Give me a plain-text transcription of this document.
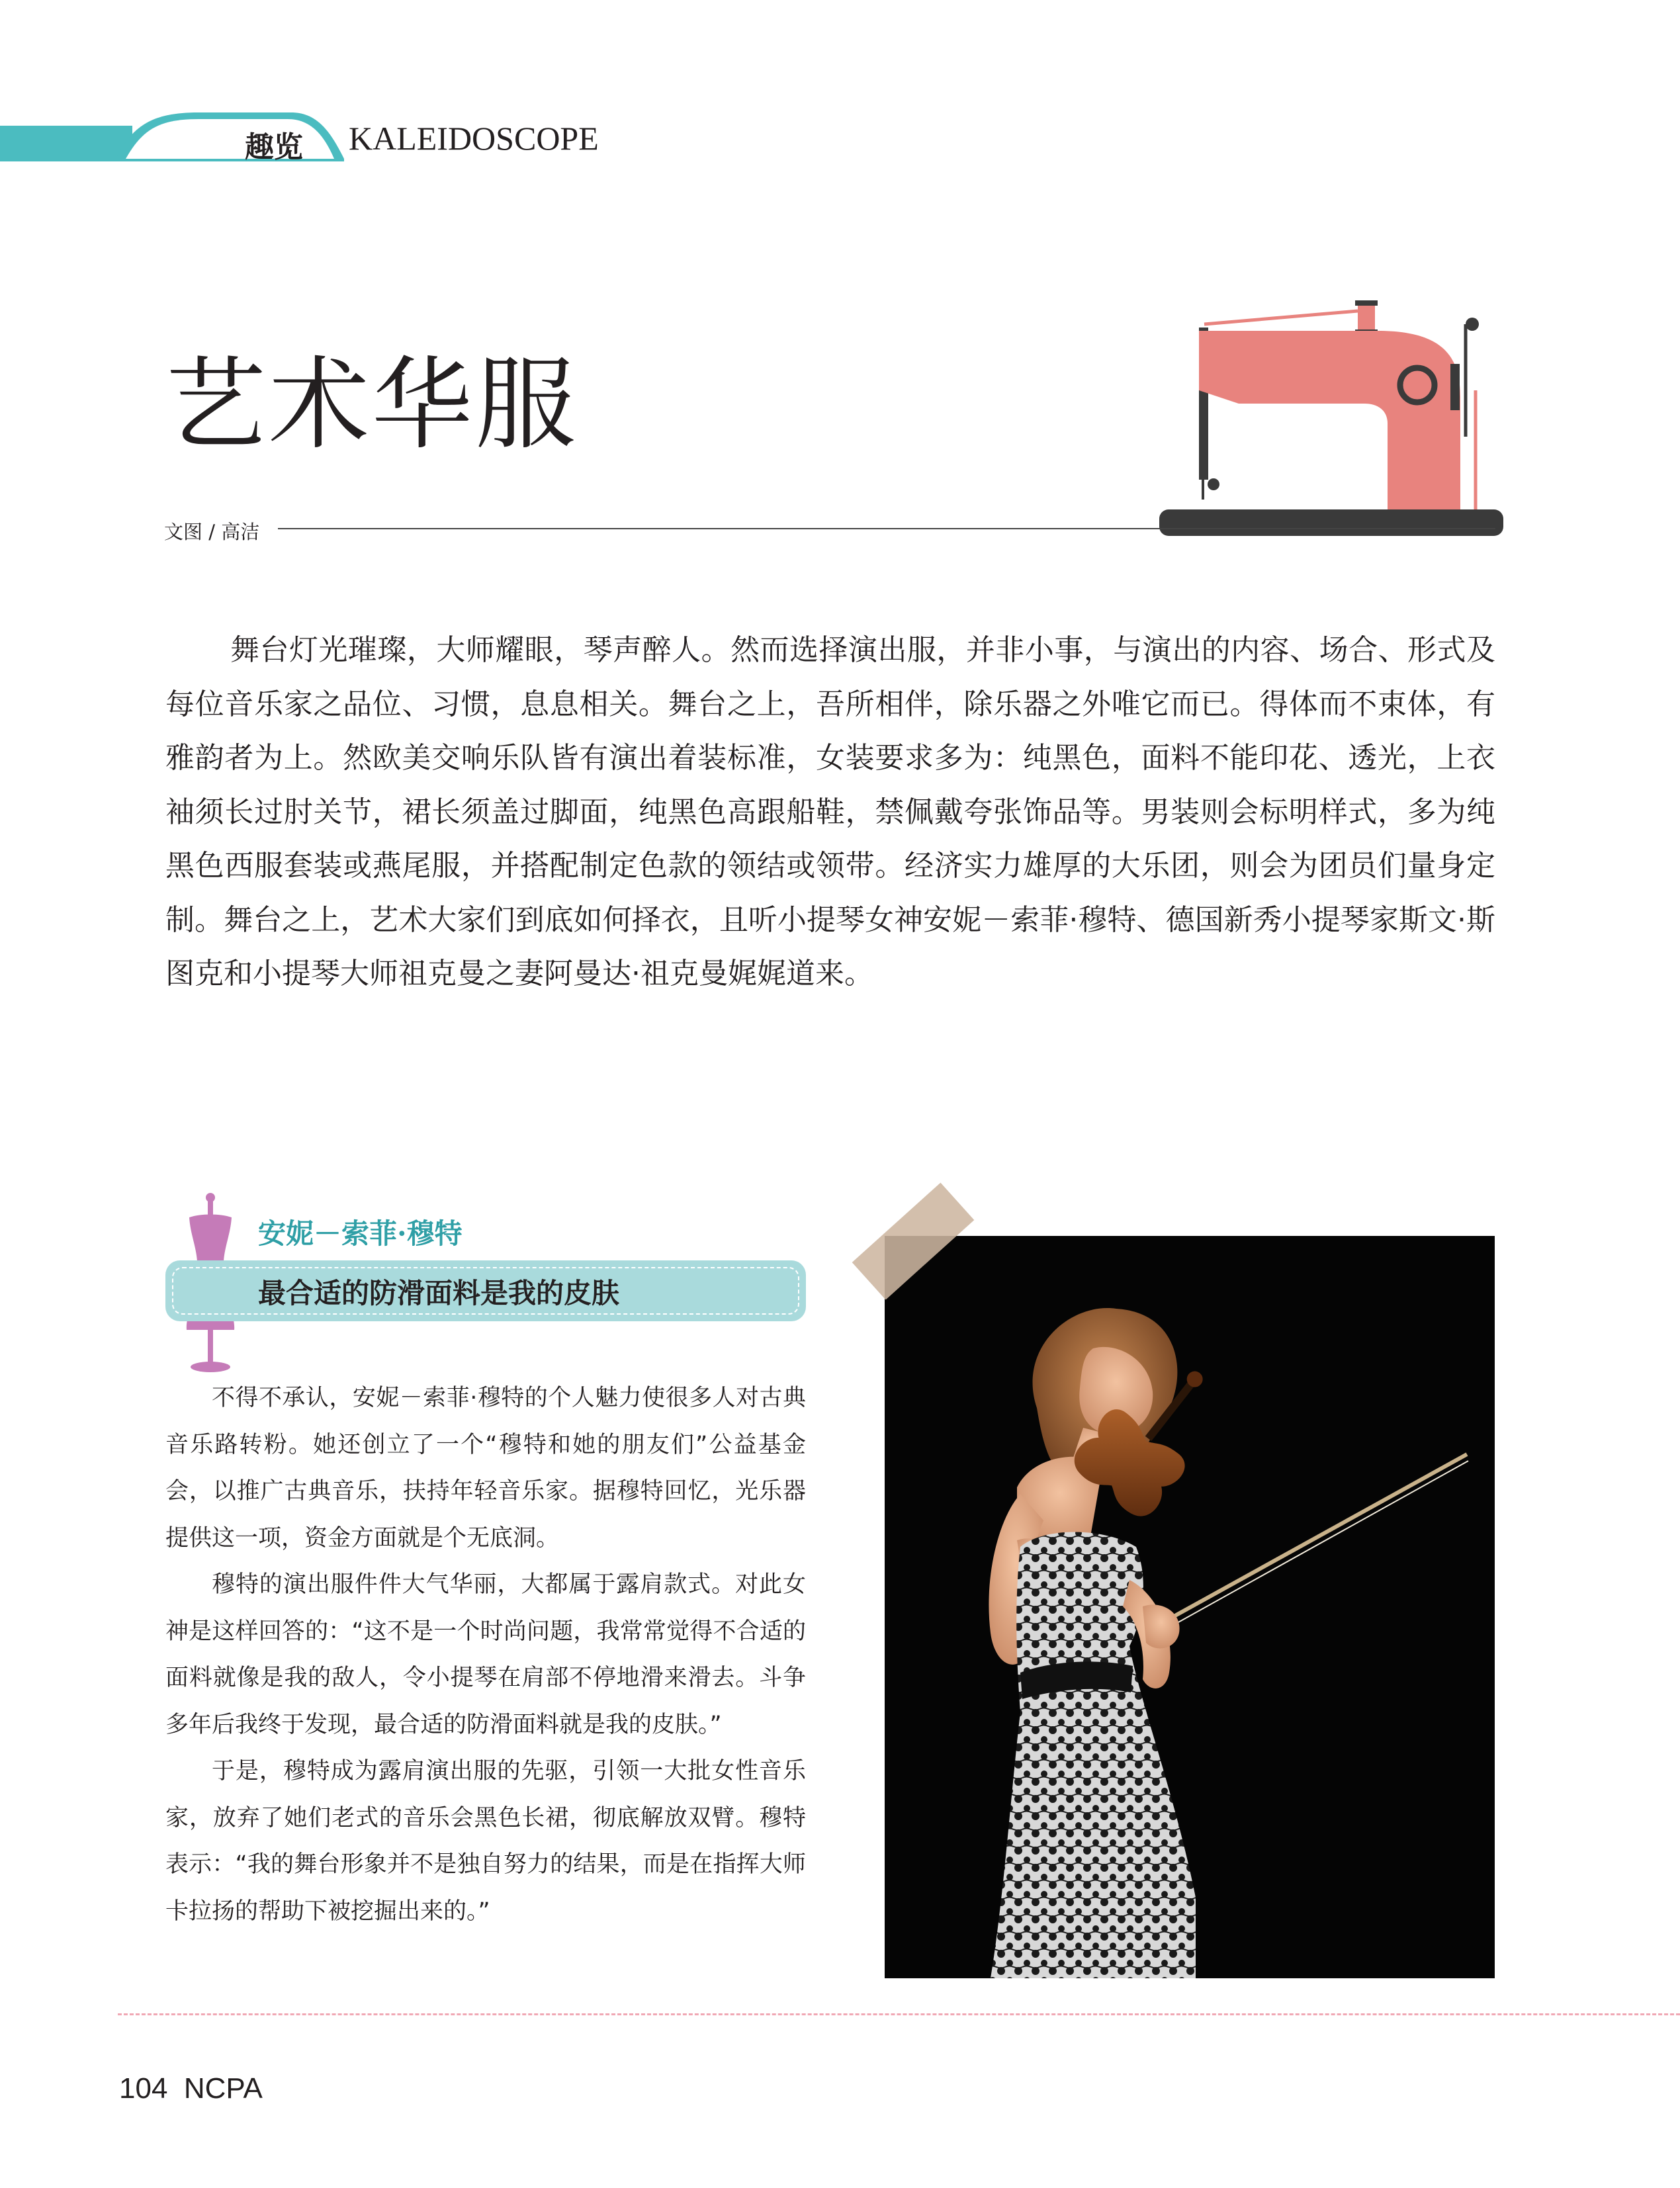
趣览 KALEIDOSCOPE
艺术华服
文图 / 高洁

舞台灯光璀璨，大师耀眼，琴声醉人。然而选择演出服，并非小事，与演出的内容、场合、形式及每位音乐家之品位、习惯，息息相关。舞台之上，吾所相伴，除乐器之外唯它而已。得体而不束体，有雅韵者为上。然欧美交响乐队皆有演出着装标准，女装要求多为：纯黑色，面料不能印花、透光，上衣袖须长过肘关节，裙长须盖过脚面，纯黑色高跟船鞋，禁佩戴夸张饰品等。男装则会标明样式，多为纯黑色西服套装或燕尾服，并搭配制定色款的领结或领带。经济实力雄厚的大乐团，则会为团员们量身定制。舞台之上，艺术大家们到底如何择衣，且听小提琴女神安妮－索菲·穆特、德国新秀小提琴家斯文·斯图克和小提琴大师祖克曼之妻阿曼达·祖克曼娓娓道来。

安妮－索菲·穆特
最合适的防滑面料是我的皮肤

不得不承认，安妮－索菲·穆特的个人魅力使很多人对古典音乐路转粉。她还创立了一个“穆特和她的朋友们”公益基金会，以推广古典音乐，扶持年轻音乐家。据穆特回忆，光乐器提供这一项，资金方面就是个无底洞。

穆特的演出服件件大气华丽，大都属于露肩款式。对此女神是这样回答的：“这不是一个时尚问题，我常常觉得不合适的面料就像是我的敌人，令小提琴在肩部不停地滑来滑去。斗争多年后我终于发现，最合适的防滑面料就是我的皮肤。”

于是，穆特成为露肩演出服的先驱，引领一大批女性音乐家，放弃了她们老式的音乐会黑色长裙，彻底解放双臂。穆特表示：“我的舞台形象并不是独自努力的结果，而是在指挥大师卡拉扬的帮助下被挖掘出来的。”

104 NCPA
